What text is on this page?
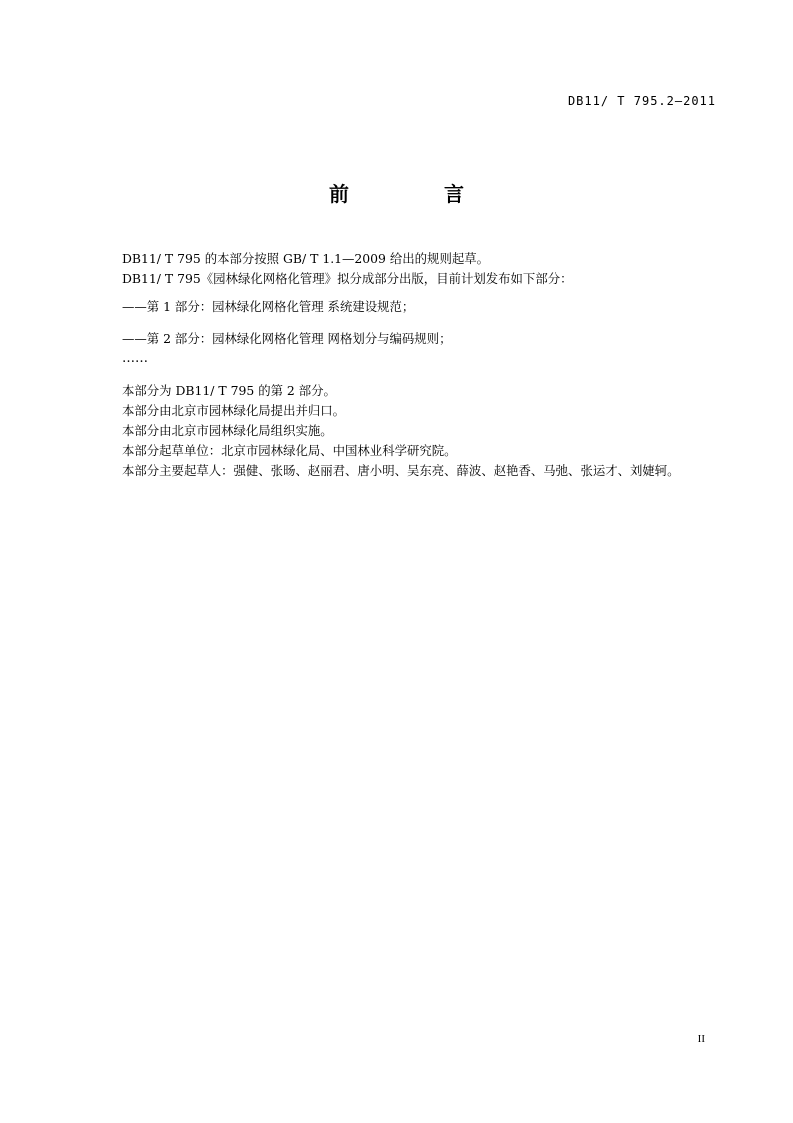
DB11/ T 795.2—2011
前 言

DB11/ T 795 的本部分按照 GB/ T 1.1—2009 给出的规则起草。

DB11/ T 795《园林绿化网格化管理》拟分成部分出版，目前计划发布如下部分：

——第 1 部分：园林绿化网格化管理 系统建设规范；

——第 2 部分：园林绿化网格化管理 网格划分与编码规则；

……

本部分为 DB11/ T 795 的第 2 部分。

本部分由北京市园林绿化局提出并归口。

本部分由北京市园林绿化局组织实施。

本部分起草单位：北京市园林绿化局、中国林业科学研究院。

本部分主要起草人：强健、张旸、赵丽君、唐小明、吴东亮、薛波、赵艳香、马弛、张运才、刘婕轲。

II
